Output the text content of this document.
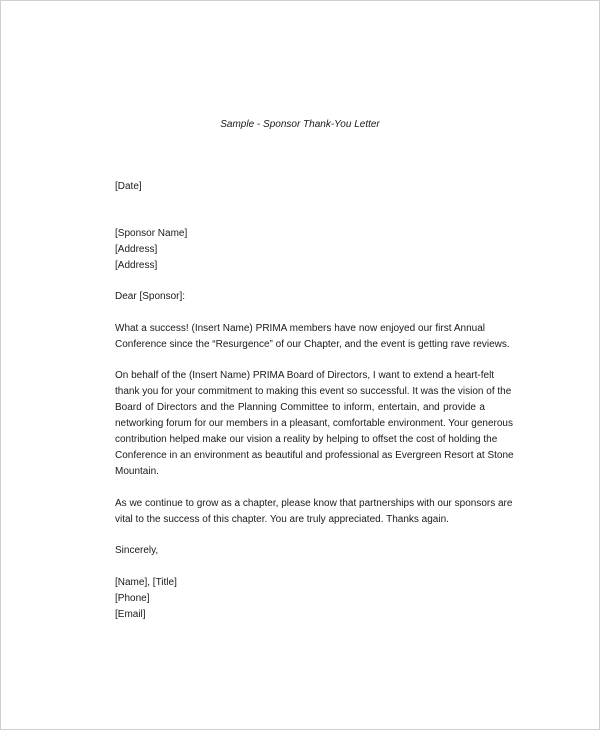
Sample - Sponsor Thank-You Letter
[Date]
[Sponsor Name]
[Address]
[Address]
Dear [Sponsor]:
What a success! (Insert Name) PRIMA members have now enjoyed our first Annual
Conference since the “Resurgence” of our Chapter, and the event is getting rave reviews.
On behalf of the (Insert Name) PRIMA Board of Directors, I want to extend a heart-felt
thank you for your commitment to making this event so successful. It was the vision of the
Board of Directors and the Planning Committee to inform, entertain, and provide a
networking forum for our members in a pleasant, comfortable environment. Your generous
contribution helped make our vision a reality by helping to offset the cost of holding the
Conference in an environment as beautiful and professional as Evergreen Resort at Stone
Mountain.
As we continue to grow as a chapter, please know that partnerships with our sponsors are
vital to the success of this chapter. You are truly appreciated. Thanks again.
Sincerely,
[Name], [Title]
[Phone]
[Email]
